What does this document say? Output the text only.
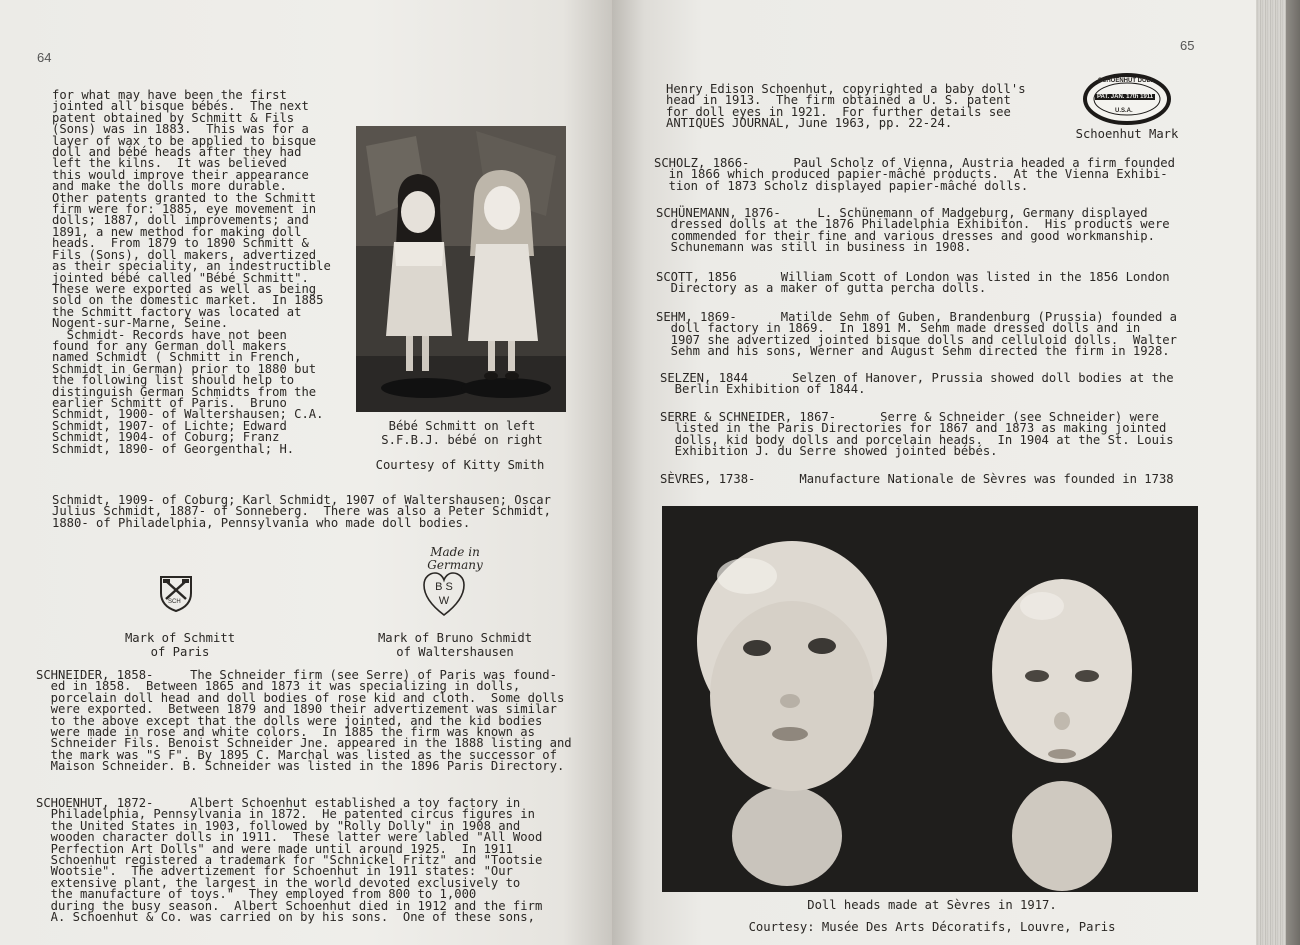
64
for what may have been the first
jointed all bisque bébés.  The next
patent obtained by Schmitt & Fils
(Sons) was in 1883.  This was for a
layer of wax to be applied to bisque
doll and bébé heads after they had
left the kilns.  It was believed
this would improve their appearance
and make the dolls more durable.
Other patents granted to the Schmitt
firm were for: 1885, eye movement in
dolls; 1887, doll improvements; and
1891, a new method for making doll
heads.  From 1879 to 1890 Schmitt &
Fils (Sons), doll makers, advertized
as their speciality, an indestructible
jointed bébé called "Bébé Schmitt".
These were exported as well as being
sold on the domestic market.  In 1885
the Schmitt factory was located at
Nogent-sur-Marne, Seine.
Schmidt- Records have not been
found for any German doll makers
named Schmidt ( Schmitt in French,
Schmidt in German) prior to 1880 but
the following list should help to
distinguish German Schmidts from the
earlier Schmitt of Paris.  Bruno
Schmidt, 1900- of Waltershausen; C.A.
Schmidt, 1907- of Lichte; Edward
Schmidt, 1904- of Coburg; Franz
Schmidt, 1890- of Georgenthal; H.
Bébé Schmitt on left
S.F.B.J. bébé on right
Courtesy of Kitty Smith
Schmidt, 1909- of Coburg; Karl Schmidt, 1907 of Waltershausen; Oscar
Julius Schmidt, 1887- of Sonneberg.  There was also a Peter Schmidt,
1880- of Philadelphia, Pennsylvania who made doll bodies.
SCH
Mark of Schmitt
of Paris
Made in
Germany
B S
W
Mark of Bruno Schmidt
of Waltershausen
SCHNEIDER, 1858-     The Schneider firm (see Serre) of Paris was found-
ed in 1858.  Between 1865 and 1873 it was specializing in dolls,
porcelain doll head and doll bodies of rose kid and cloth.  Some dolls
were exported.  Between 1879 and 1890 their advertizement was similar
to the above except that the dolls were jointed, and the kid bodies
were made in rose and white colors.  In 1885 the firm was known as
Schneider Fils. Benoist Schneider Jne. appeared in the 1888 listing and
the mark was "S F". By 1895 C. Marchal was listed as the successor of
Maison Schneider. B. Schneider was listed in the 1896 Paris Directory.
SCHOENHUT, 1872-     Albert Schoenhut established a toy factory in
Philadelphia, Pennsylvania in 1872.  He patented circus figures in
the United States in 1903, followed by "Rolly Dolly" in 1908 and
wooden character dolls in 1911.  These latter were labled "All Wood
Perfection Art Dolls" and were made until around 1925.  In 1911
Schoenhut registered a trademark for "Schnickel Fritz" and "Tootsie
Wootsie".  The advertizement for Schoenhut in 1911 states: "Our
extensive plant, the largest in the world devoted exclusively to
the manufacture of toys."  They employed from 800 to 1,000
during the busy season.  Albert Schoenhut died in 1912 and the firm
A. Schoenhut & Co. was carried on by his sons.  One of these sons,
65
Henry Edison Schoenhut, copyrighted a baby doll's
head in 1913.  The firm obtained a U. S. patent
for doll eyes in 1921.  For further details see
ANTIQUES JOURNAL, June 1963, pp. 22-24.
SCHOENHUT DOLL
PAT. JAN. 17th 1911
U.S.A.
Schoenhut Mark
SCHOLZ, 1866-      Paul Scholz of Vienna, Austria headed a firm founded
in 1866 which produced papier-mâché products.  At the Vienna Exhibi-
tion of 1873 Scholz displayed papier-mâché dolls.
SCHÜNEMANN, 1876-     L. Schünemann of Madgeburg, Germany displayed
dressed dolls at the 1876 Philadelphia Exhibiton.  His products were
commended for their fine and various dresses and good workmanship.
Schunemann was still in business in 1908.
SCOTT, 1856      William Scott of London was listed in the 1856 London
Directory as a maker of gutta percha dolls.
SEHM, 1869-      Matilde Sehm of Guben, Brandenburg (Prussia) founded a
doll factory in 1869.  In 1891 M. Sehm made dressed dolls and in
1907 she advertized jointed bisque dolls and celluloid dolls.  Walter
Sehm and his sons, Werner and August Sehm directed the firm in 1928.
SELZEN, 1844      Selzen of Hanover, Prussia showed doll bodies at the
Berlin Exhibition of 1844.
SERRE & SCHNEIDER, 1867-      Serre & Schneider (see Schneider) were
listed in the Paris Directories for 1867 and 1873 as making jointed
dolls, kid body dolls and porcelain heads.  In 1904 at the St. Louis
Exhibition J. du Serre showed jointed bébés.
SÈVRES, 1738-      Manufacture Nationale de Sèvres was founded in 1738
Doll heads made at Sèvres in 1917.
Courtesy: Musée Des Arts Décoratifs, Louvre, Paris
